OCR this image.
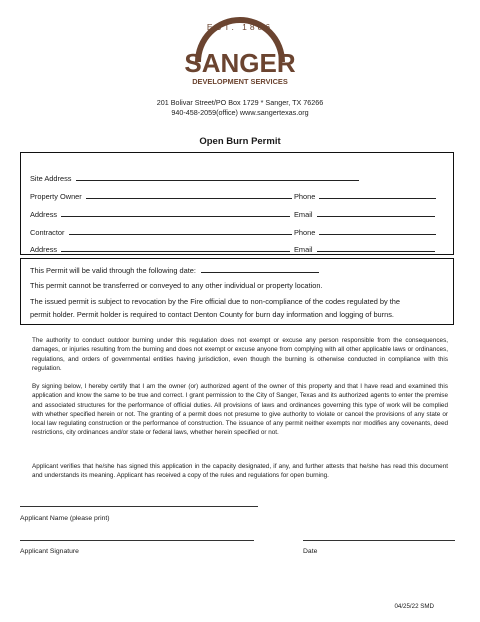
EST. 1886
SANGER
DEVELOPMENT SERVICES
201 Bolivar Street/PO Box 1729 * Sanger, TX 76266
940-458-2059(office) www.sangertexas.org
Open Burn Permit
Site Address
Property Owner	Phone
Address	Email
Contractor	Phone
Address	Email
This Permit will be valid through the following date:
This permit cannot be transferred or conveyed to any other individual or property location.
The issued permit is subject to revocation by the Fire official due to non-compliance of the codes regulated by the
permit holder. Permit holder is required to contact Denton County for burn day information and logging of burns.
The authority to conduct outdoor burning under this regulation does not exempt or excuse any person responsible from the consequences, damages, or injuries resulting from the burning and does not exempt or excuse anyone from complying with all other applicable laws or ordinances, regulations, and orders of governmental entities having jurisdiction, even though the burning is otherwise conducted in compliance with this regulation.
By signing below, I hereby certify that I am the owner (or) authorized agent of the owner of this property and that I have read and examined this application and know the same to be true and correct. I grant permission to the City of Sanger, Texas and its authorized agents to enter the premise and associated structures for the performance of official duties. All provisions of laws and ordinances governing this type of work will be complied with whether specified herein or not. The granting of a permit does not presume to give authority to violate or cancel the provisions of any state or local law regulating construction or the performance of construction. The issuance of any permit neither exempts nor modifies any covenants, deed restrictions, city ordinances and/or state or federal laws, whether herein specified or not.
Applicant verifies that he/she has signed this application in the capacity designated, if any, and further attests that he/she has read this document and understands its meaning. Applicant has received a copy of the rules and regulations for open burning.
Applicant Name (please print)
Applicant Signature	Date
04/25/22 SMD
